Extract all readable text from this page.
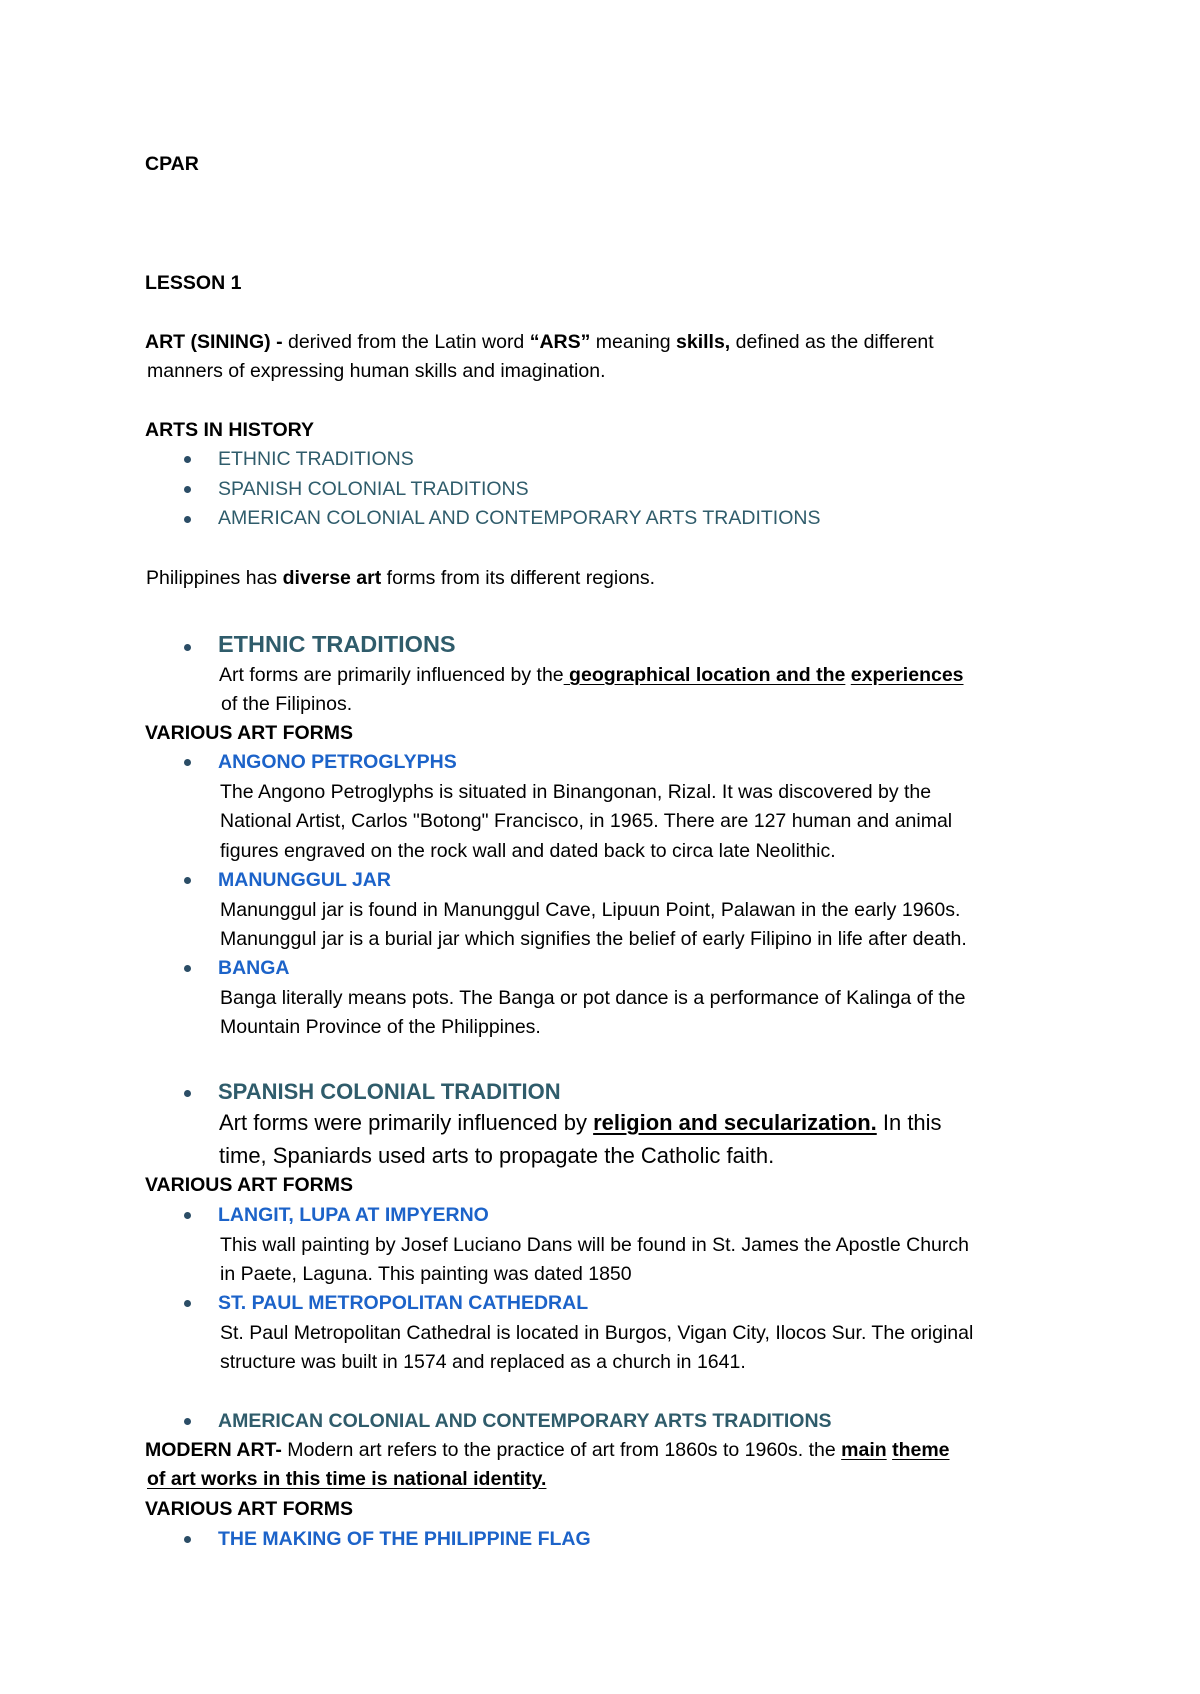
CPAR
LESSON 1
ART (SINING) - derived from the Latin word “ARS” meaning skills, defined as the different
manners of expressing human skills and imagination.
ARTS IN HISTORY
ETHNIC TRADITIONS
SPANISH COLONIAL TRADITIONS
AMERICAN COLONIAL AND CONTEMPORARY ARTS TRADITIONS
Philippines has diverse art forms from its different regions.
ETHNIC TRADITIONS
Art forms are primarily influenced by the geographical location and the experiences
of the Filipinos.
VARIOUS ART FORMS
ANGONO PETROGLYPHS
The Angono Petroglyphs is situated in Binangonan, Rizal. It was discovered by the
National Artist, Carlos "Botong" Francisco, in 1965. There are 127 human and animal
figures engraved on the rock wall and dated back to circa late Neolithic.
MANUNGGUL JAR
Manunggul jar is found in Manunggul Cave, Lipuun Point, Palawan in the early 1960s.
Manunggul jar is a burial jar which signifies the belief of early Filipino in life after death.
BANGA
Banga literally means pots. The Banga or pot dance is a performance of Kalinga of the
Mountain Province of the Philippines.
SPANISH COLONIAL TRADITION
Art forms were primarily influenced by religion and secularization. In this
time, Spaniards used arts to propagate the Catholic faith.
VARIOUS ART FORMS
LANGIT, LUPA AT IMPYERNO
This wall painting by Josef Luciano Dans will be found in St. James the Apostle Church
in Paete, Laguna. This painting was dated 1850
ST. PAUL METROPOLITAN CATHEDRAL
St. Paul Metropolitan Cathedral is located in Burgos, Vigan City, Ilocos Sur. The original
structure was built in 1574 and replaced as a church in 1641.
AMERICAN COLONIAL AND CONTEMPORARY ARTS TRADITIONS
MODERN ART- Modern art refers to the practice of art from 1860s to 1960s. the main theme
of art works in this time is national identity.
VARIOUS ART FORMS
THE MAKING OF THE PHILIPPINE FLAG
